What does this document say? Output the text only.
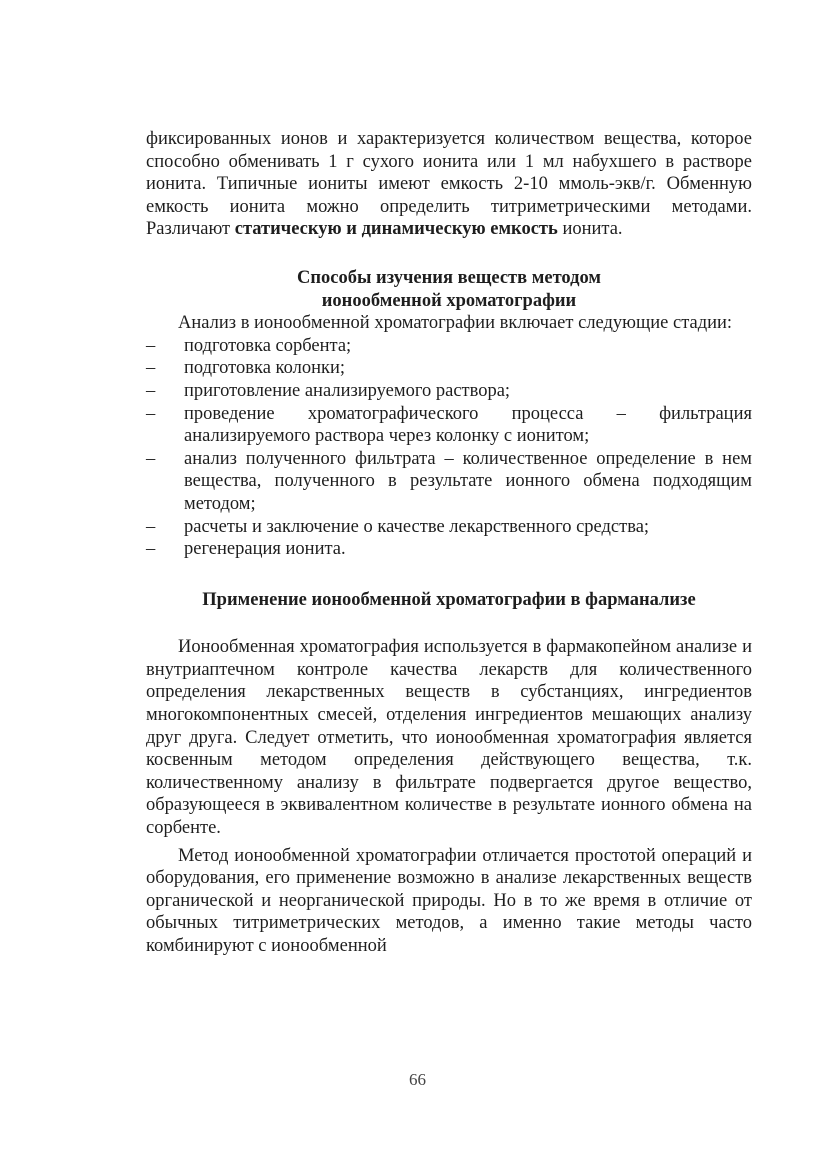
фиксированных ионов и характеризуется количеством вещества, которое способно обменивать 1 г сухого ионита или 1 мл набухшего в растворе ионита. Типичные иониты имеют емкость 2-10 ммоль-экв/г. Обменную емкость ионита можно определить титриметрическими методами. Различают статическую и динамическую емкость ионита.

Способы изучения веществ методом

ионообменной хроматографии

Анализ в ионообменной хроматографии включает следующие стадии:

–	подготовка сорбента;
–	подготовка колонки;
–	приготовление анализируемого раствора;
–	проведение хроматографического процесса – фильтрация анализируемого раствора через колонку с ионитом;
–	анализ полученного фильтрата – количественное определение в нем вещества, полученного в результате ионного обмена подходящим методом;
–	расчеты и заключение о качестве лекарственного средства;
–	регенерация ионита.

Применение ионообменной хроматографии в фарманализе

Ионообменная хроматография используется в фармакопейном анализе и внутриаптечном контроле качества лекарств для количественного определения лекарственных веществ в субстанциях, ингредиентов многокомпонентных смесей, отделения ингредиентов мешающих анализу друг друга. Следует отметить, что ионообменная хроматография является косвенным методом определения действующего вещества, т.к. количественному анализу в фильтрате подвергается другое вещество, образующееся в эквивалентном количестве в результате ионного обмена на сорбенте.

Метод ионообменной хроматографии отличается простотой операций и оборудования, его применение возможно в анализе лекарственных веществ органической и неорганической природы. Но в то же время в отличие от обычных титриметрических методов, а именно такие методы часто комбинируют с ионообменной

66
